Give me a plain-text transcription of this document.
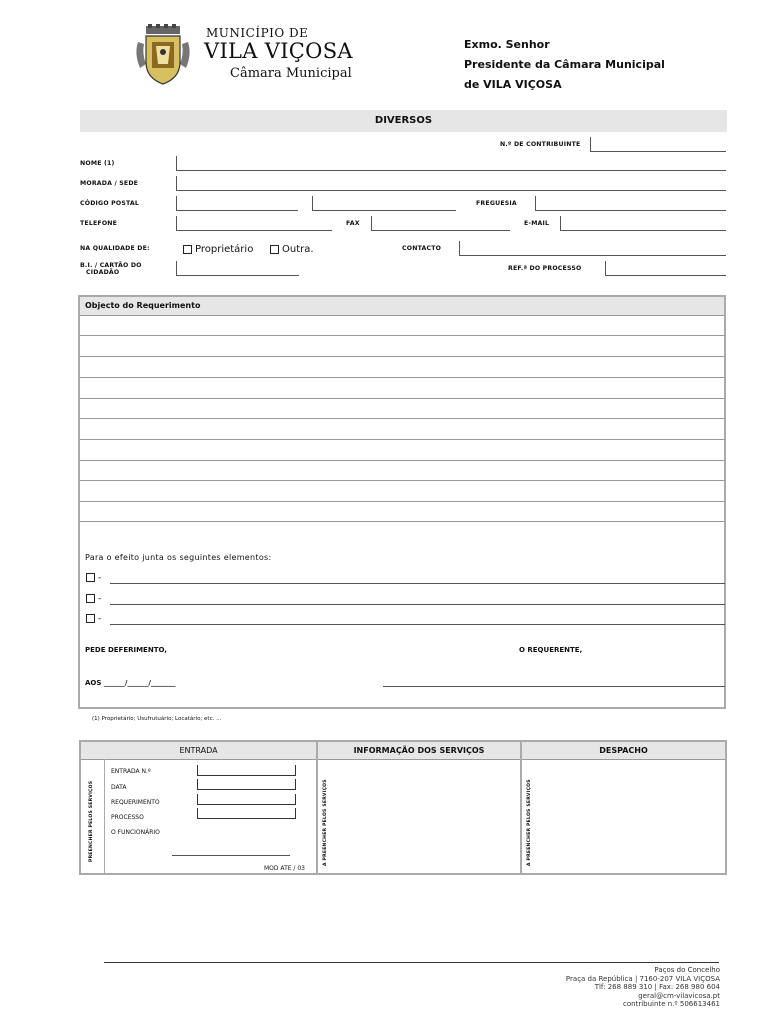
MUNICÍPIO DE
VILA VIÇOSA
Câmara Municipal
Exmo. Senhor
Presidente da Câmara Municipal
de VILA VIÇOSA
DIVERSOS
N.º DE CONTRIBUINTE
NOME (1)
MORADA / SEDE
CÓDIGO POSTAL	FREGUESIA
TELEFONE	FAX	E-MAIL
NA QUALIDADE DE:	Proprietário	Outra.	CONTACTO
B.I. / CARTÃO DO
CIDADÃO
REF.ª DO PROCESSO
Objecto do Requerimento
Para o efeito junta os seguintes elementos:
-
-
-
PEDE DEFERIMENTO,	O REQUERENTE,
AOS ______/______/_______
(1) Proprietário; Usufrutuário; Locatário; etc. ...
ENTRADA	INFORMAÇÃO DOS SERVIÇOS	DESPACHO
PREENCHER PELOS SERVIÇOS	A PREENCHER PELOS SERVIÇOS	A PREENCHER PELOS SERVIÇOS
ENTRADA N.º
DATA
REQUERIMENTO
PROCESSO
O FUNCIONÁRIO
MOD ATE / 03
Paços do Concelho
Praça da República | 7160-207 VILA VIÇOSA
Tlf: 268 889 310 | Fax: 268 980 604
geral@cm-vilavicosa.pt
contribuinte n.º 506613461
